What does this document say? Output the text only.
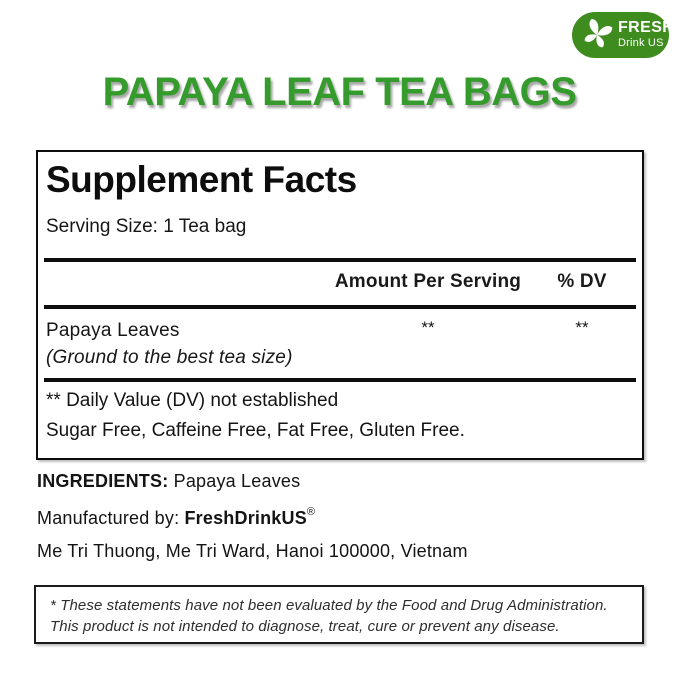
FRESH
Drink US
PAPAYA LEAF TEA BAGS
Supplement Facts

Serving Size: 1 Tea bag

Amount Per Serving	% DV
Papaya Leaves
(Ground to the best tea size)
**	**

** Daily Value (DV) not established

Sugar Free, Caffeine Free, Fat Free, Gluten Free.

INGREDIENTS: Papaya Leaves

Manufactured by: FreshDrinkUS®

Me Tri Thuong, Me Tri Ward, Hanoi 100000, Vietnam

* These statements have not been evaluated by the Food and Drug Administration.

This product is not intended to diagnose, treat, cure or prevent any disease.
